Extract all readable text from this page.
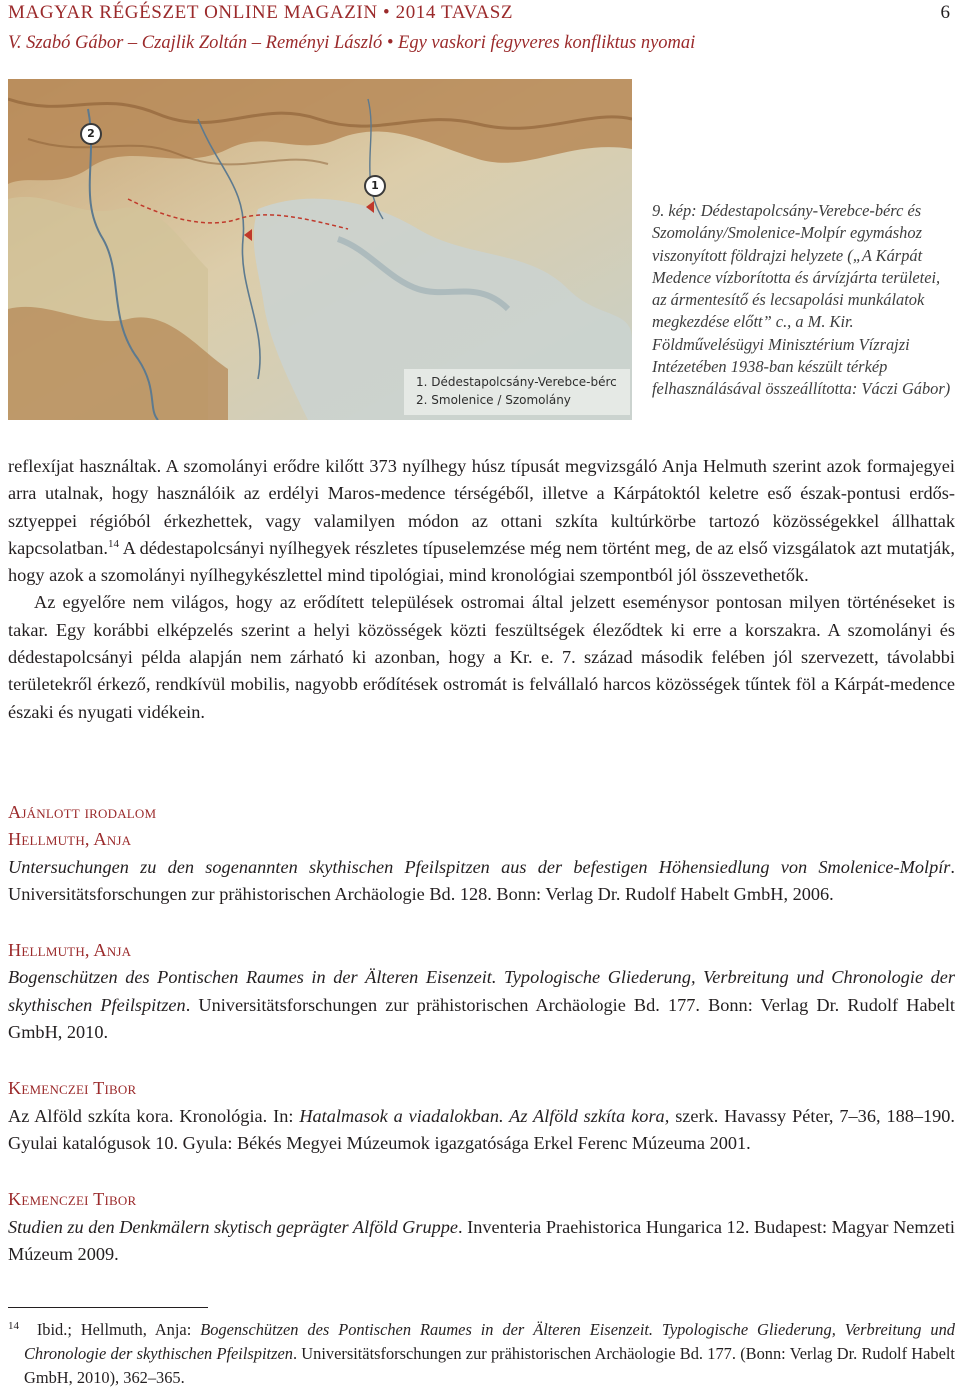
MAGYAR RÉGÉSZET ONLINE MAGAZIN • 2014 TAVASZ	6
V. Szabó Gábor – Czajlik Zoltán – Reményi László • Egy vaskori fegyveres konfliktus nyomai
2
1
1. Dédestapolcsány-Verebce-bérc
2. Smolenice / Szomolány

9. kép: Dédestapolcsány-Verebce-bérc és Szomolány/Smolenice-Molpír egymáshoz viszonyított földrajzi helyzete („A Kárpát Medence vízborította és árvízjárta területei, az ármentesítő és lecsapolási munkálatok megkezdése előtt” c., a M. Kir. Földművelésügyi Minisztérium Vízrajzi Intézetében 1938-ban készült térkép felhasználásával összeállította: Váczi Gábor)

reflexíjat használtak. A szomolányi erődre kilőtt 373 nyílhegy húsz típusát megvizsgáló Anja Helmuth szerint azok formajegyei arra utalnak, hogy használóik az erdélyi Maros-medence térségéből, illetve a Kárpátoktól keletre eső észak-pontusi erdős-sztyeppei régióból érkezhettek, vagy valamilyen módon az ottani szkíta kultúrkörbe tartozó közösségekkel állhattak kapcsolatban.$^{14}$ A dédestapolcsányi nyílhegyek részletes típuselemzése még nem történt meg, de az első vizsgálatok azt mutatják, hogy azok a szomolányi nyílhegykészlettel mind tipológiai, mind kronológiai szempontból jól összevethetők.

Az egyelőre nem világos, hogy az erődített települések ostromai által jelzett eseménysor pontosan milyen történéseket is takar. Egy korábbi elképzelés szerint a helyi közösségek közti feszültségek éleződtek ki erre a korszakra. A szomolányi és dédestapolcsányi példa alapján nem zárható ki azonban, hogy a Kr. e. 7. század második felében jól szervezett, távolabbi területekről érkező, rendkívül mobilis, nagyobb erődítések ostromát is felvállaló harcos közösségek tűntek föl a Kárpát-medence északi és nyugati vidékein.

Ajánlott irodalom

Hellmuth, Anja

Untersuchungen zu den sogenannten skythischen Pfeilspitzen aus der befestigen Höhensiedlung von Smolenice-Molpír. Universitätsforschungen zur prähistorischen Archäologie Bd. 128. Bonn: Verlag Dr. Rudolf Habelt GmbH, 2006.

Hellmuth, Anja

Bogenschützen des Pontischen Raumes in der Älteren Eisenzeit. Typologische Gliederung, Verbreitung und Chronologie der skythischen Pfeilspitzen. Universitätsforschungen zur prähistorischen Archäologie Bd. 177. Bonn: Verlag Dr. Rudolf Habelt GmbH, 2010.

Kemenczei Tibor

Az Alföld szkíta kora. Kronológia. In: Hatalmasok a viadalokban. Az Alföld szkíta kora, szerk. Havassy Péter, 7–36, 188–190. Gyulai katalógusok 10. Gyula: Békés Megyei Múzeumok igazgatósága Erkel Ferenc Múzeuma 2001.

Kemenczei Tibor

Studien zu den Denkmälern skytisch geprägter Alföld Gruppe. Inventeria Praehistorica Hungarica 12. Budapest: Magyar Nemzeti Múzeum 2009.

$^{14}$ Ibid.; Hellmuth, Anja: Bogenschützen des Pontischen Raumes in der Älteren Eisenzeit. Typologische Gliederung, Verbreitung und Chronologie der skythischen Pfeilspitzen. Universitätsforschungen zur prähistorischen Archäologie Bd. 177. (Bonn: Verlag Dr. Rudolf Habelt GmbH, 2010), 362–365.
